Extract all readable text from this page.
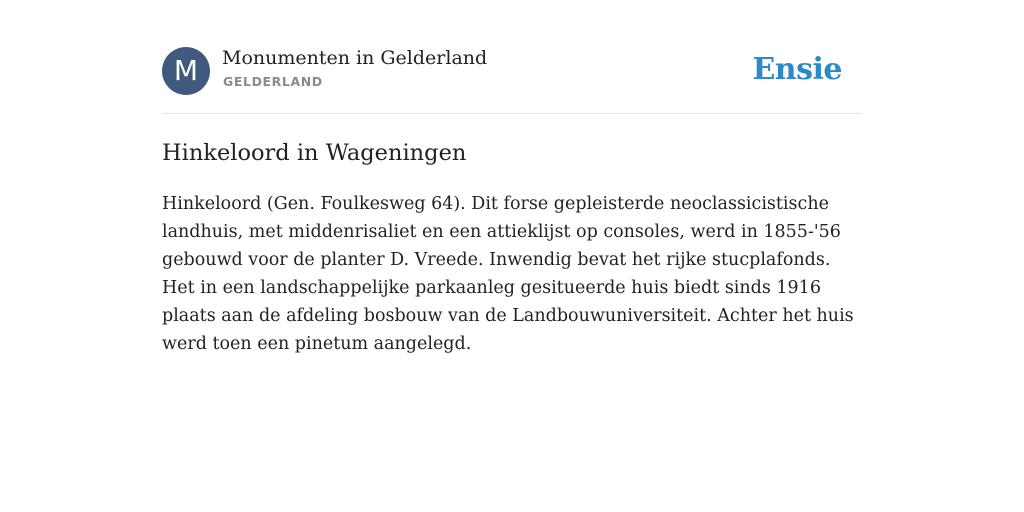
M	Monumenten in Gelderland
GELDERLAND	Ensie
Hinkeloord in Wageningen

Hinkeloord (Gen. Foulkesweg 64). Dit forse gepleisterde neoclassicistische landhuis, met middenrisaliet en een attieklijst op consoles, werd in 1855-'56 gebouwd voor de planter D. Vreede. Inwendig bevat het rijke stucplafonds. Het in een landschappelijke parkaanleg gesitueerde huis biedt sinds 1916 plaats aan de afdeling bosbouw van de Landbouwuniversiteit. Achter het huis werd toen een pinetum aangelegd.
